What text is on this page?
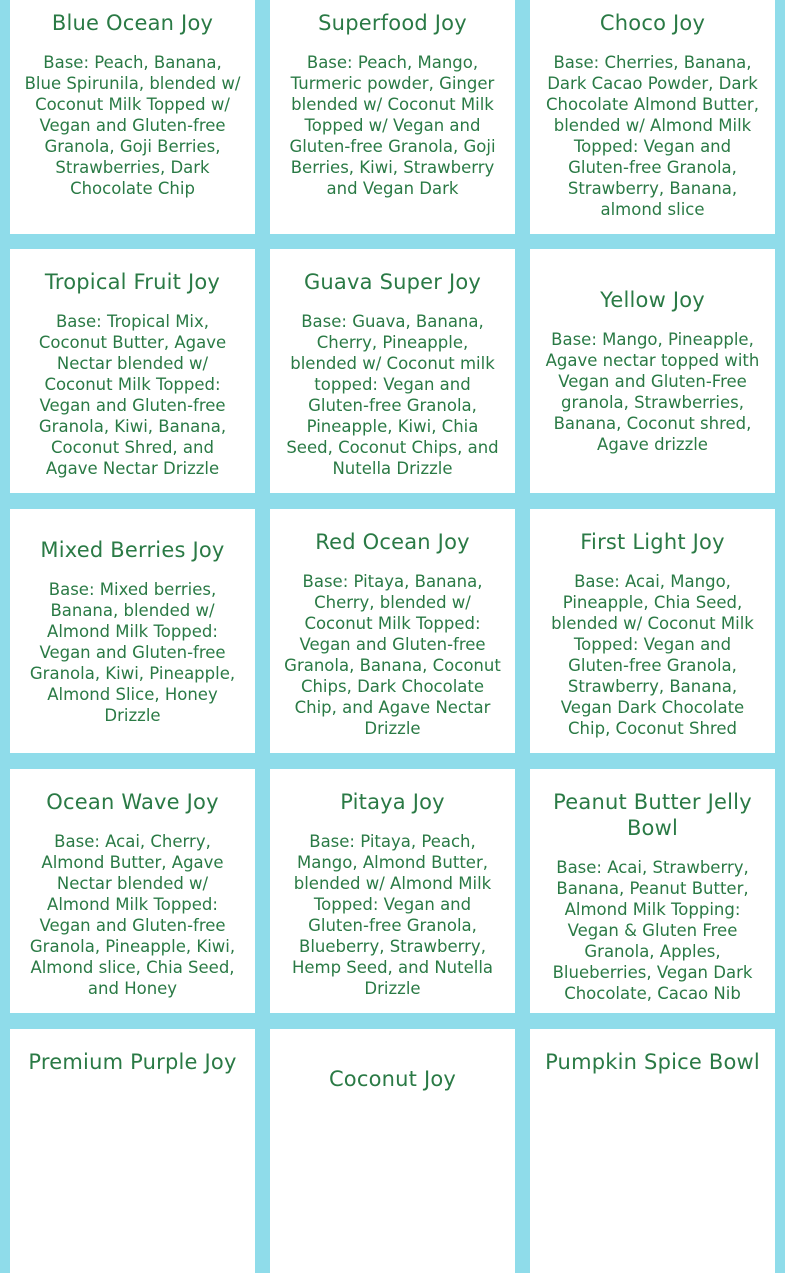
Blue Ocean Joy
Base: Peach, Banana, Blue Spirunila, blended w/ Coconut Milk Topped w/ Vegan and Gluten-free Granola, Goji Berries, Strawberries, Dark Chocolate Chip
Superfood Joy
Base: Peach, Mango, Turmeric powder, Ginger blended w/ Coconut Milk Topped w/ Vegan and Gluten-free Granola, Goji Berries, Kiwi, Strawberry and Vegan Dark
Choco Joy
Base: Cherries, Banana, Dark Cacao Powder, Dark Chocolate Almond Butter, blended w/ Almond Milk Topped: Vegan and Gluten-free Granola, Strawberry, Banana, almond slice
Tropical Fruit Joy
Base: Tropical Mix, Coconut Butter, Agave Nectar blended w/ Coconut Milk Topped: Vegan and Gluten-free Granola, Kiwi, Banana, Coconut Shred, and Agave Nectar Drizzle
Guava Super Joy
Base: Guava, Banana, Cherry, Pineapple, blended w/ Coconut milk topped: Vegan and Gluten-free Granola, Pineapple, Kiwi, Chia Seed, Coconut Chips, and Nutella Drizzle
Yellow Joy
Base: Mango, Pineapple, Agave nectar topped with Vegan and Gluten-Free granola, Strawberries, Banana, Coconut shred, Agave drizzle
Mixed Berries Joy
Base: Mixed berries, Banana, blended w/ Almond Milk Topped: Vegan and Gluten-free Granola, Kiwi, Pineapple, Almond Slice, Honey Drizzle
Red Ocean Joy
Base: Pitaya, Banana, Cherry, blended w/ Coconut Milk Topped: Vegan and Gluten-free Granola, Banana, Coconut Chips, Dark Chocolate Chip, and Agave Nectar Drizzle
First Light Joy
Base: Acai, Mango, Pineapple, Chia Seed, blended w/ Coconut Milk Topped: Vegan and Gluten-free Granola, Strawberry, Banana, Vegan Dark Chocolate Chip, Coconut Shred
Ocean Wave Joy
Base: Acai, Cherry, Almond Butter, Agave Nectar blended w/ Almond Milk Topped: Vegan and Gluten-free Granola, Pineapple, Kiwi, Almond slice, Chia Seed, and Honey
Pitaya Joy
Base: Pitaya, Peach, Mango, Almond Butter, blended w/ Almond Milk Topped: Vegan and Gluten-free Granola, Blueberry, Strawberry, Hemp Seed, and Nutella Drizzle
Peanut Butter Jelly Bowl
Base: Acai, Strawberry, Banana, Peanut Butter, Almond Milk Topping: Vegan & Gluten Free Granola, Apples, Blueberries, Vegan Dark Chocolate, Cacao Nib
Premium Purple Joy
Coconut Joy
Pumpkin Spice Bowl
